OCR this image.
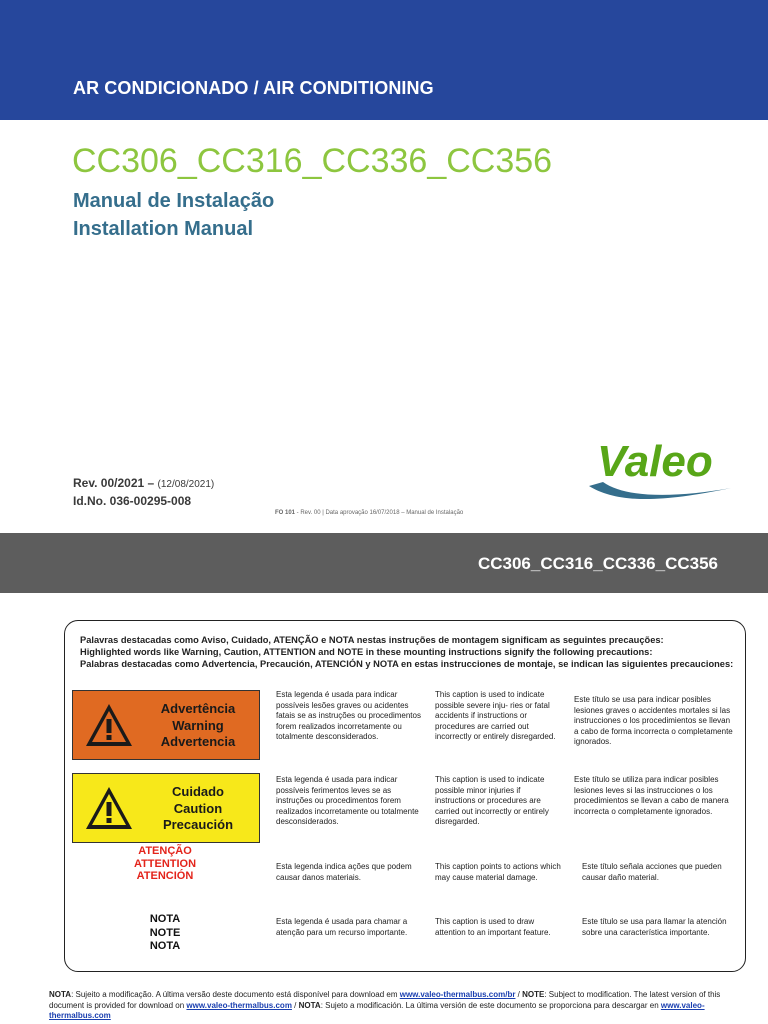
AR CONDICIONADO / AIR CONDITIONING
CC306_CC316_CC336_CC356
Manual de Instalação
Installation Manual
Rev. 00/2021 – (12/08/2021)
Id.No. 036-00295-008
FO 101 - Rev. 00 | Data aprovação 16/07/2018 – Manual de Instalação
Valeo
CC306_CC316_CC336_CC356
Palavras destacadas como Aviso, Cuidado, ATENÇÃO e NOTA nestas instruções de montagem significam as seguintes precauções:
Highlighted words like Warning, Caution, ATTENTION and NOTE in these mounting instructions signify the following precautions:
Palabras destacadas como Advertencia, Precaución, ATENCIÓN y NOTA en estas instrucciones de montaje, se indican las siguientes precauciones:
Advertência
Warning
Advertencia
Esta legenda é usada para indicar possíveis lesões graves ou acidentes fatais se as instruções ou procedimentos forem realizados incorretamente ou totalmente desconsiderados.
This caption is used to indicate possible severe inju- ries or fatal accidents if instructions or procedures are carried out incorrectly or entirely disregarded.
Este título se usa para indicar posibles lesiones graves o accidentes mortales si las instrucciones o los procedimientos se llevan a cabo de forma incorrecta o completamente ignorados.
Cuidado
Caution
Precaución
Esta legenda é usada para indicar possíveis ferimentos leves se as instruções ou procedimentos forem realizados incorretamente ou totalmente desconsiderados.
This caption is used to indicate possible minor injuries if instructions or procedures are carried out incorrectly or entirely disregarded.
Este título se utiliza para indicar posibles lesiones leves si las instrucciones o los procedimientos se llevan a cabo de manera incorrecta o completamente ignorados.
ATENÇÃO
ATTENTION
ATENCIÓN
Esta legenda indica ações que podem causar danos materiais.
This caption points to actions which may cause material damage.
Este título señala acciones que pueden causar daño material.
NOTA
NOTE
NOTA
Esta legenda é usada para chamar a atenção para um recurso importante.
This caption is used to draw attention to an important feature.
Este título se usa para llamar la atención sobre una característica importante.
NOTA: Sujeito a modificação. A última versão deste documento está disponível para download em www.valeo-thermalbus.com/br / NOTE: Subject to modification. The latest version of this document is provided for download on www.valeo-thermalbus.com / NOTA: Sujeto a modificación. La última versión de este documento se proporciona para descargar en www.valeo-thermalbus.com
